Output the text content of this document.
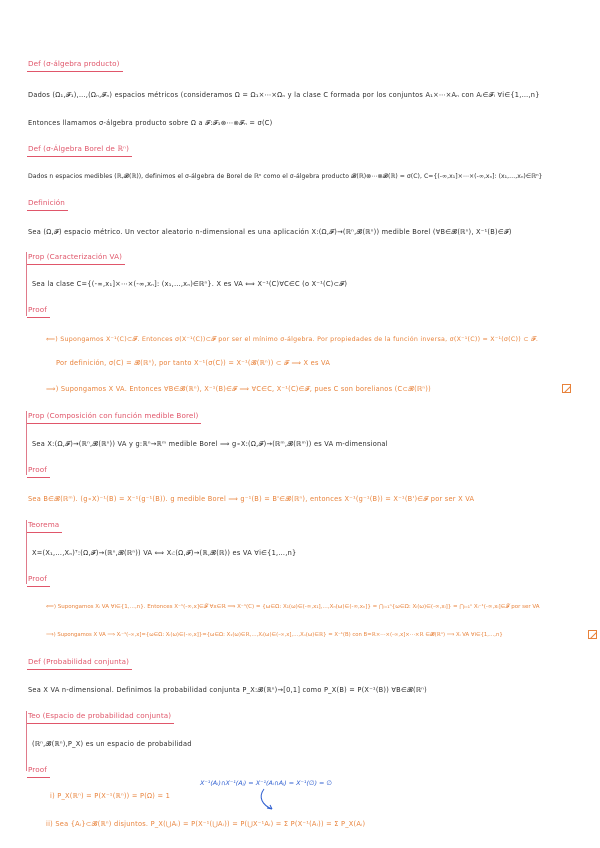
Def (σ-álgebra producto)
Dados (Ω₁,𝓕₁),…,(Ωₙ,𝓕ₙ) espacios métricos (consideramos Ω = Ω₁×⋯×Ωₙ y la clase C formada por los conjuntos A₁×⋯×Aₙ con Aᵢ∈𝓕ᵢ ∀i∈{1,…,n}
Entonces llamamos σ-álgebra producto sobre Ω a 𝓕:𝓕₁⊗⋯⊗𝓕ₙ = σ(C)
Def (σ-Álgebra Borel de ℝⁿ)
Dados n espacios medibles (ℝ,𝓑(ℝ)), definimos el σ-álgebra de Borel de ℝⁿ como el σ-álgebra producto 𝓑(ℝ)⊗⋯⊗𝓑(ℝ) = σ(C), C={(-∞,x₁]×⋯×(-∞,xₙ]: (x₁,…,xₙ)∈ℝⁿ}
Definición
Sea (Ω,𝓕) espacio métrico. Un vector aleatorio n-dimensional es una aplicación X:(Ω,𝓕)→(ℝⁿ,𝓑(ℝⁿ)) medible Borel (∀B∈𝓑(ℝⁿ), X⁻¹(B)∈𝓕)
Prop (Caracterización VA)
Sea la clase C={(-∞,x₁]×⋯×(-∞,xₙ]: (x₁,…,xₙ)∈ℝⁿ}. X es VA ⟺ X⁻¹(C)∀C∈C (o X⁻¹(C)⊂𝓕)
Proof
⟸) Supongamos X⁻¹(C)⊂𝓕. Entonces σ(X⁻¹(C))⊂𝓕 por ser el mínimo σ-álgebra. Por propiedades de la función inversa, σ(X⁻¹(C)) = X⁻¹(σ(C)) ⊂ 𝓕.
Por definición, σ(C) = 𝓑(ℝⁿ), por tanto X⁻¹(σ(C)) = X⁻¹(𝓑(ℝⁿ)) ⊂ 𝓕 ⟹ X es VA
⟹) Supongamos X VA. Entonces ∀B∈𝓑(ℝⁿ), X⁻¹(B)∈𝓕 ⟹ ∀C∈C, X⁻¹(C)∈𝓕, pues C son borelianos (C⊂𝓑(ℝⁿ))
Prop (Composición con función medible Borel)
Sea X:(Ω,𝓕)→(ℝⁿ,𝓑(ℝⁿ)) VA y g:ℝⁿ→ℝᵐ medible Borel ⟹ g∘X:(Ω,𝓕)→(ℝᵐ,𝓑(ℝᵐ)) es VA m-dimensional
Proof
Sea B∈𝓑(ℝᵐ). (g∘X)⁻¹(B) = X⁻¹(g⁻¹(B)). g medible Borel ⟹ g⁻¹(B) = B'∈𝓑(ℝⁿ), entonces X⁻¹(g⁻¹(B)) = X⁻¹(B')∈𝓕 por ser X VA
Teorema
X=(X₁,…,Xₙ)ᵀ:(Ω,𝓕)→(ℝⁿ,𝓑(ℝⁿ)) VA ⟺ Xᵢ:(Ω,𝓕)→(ℝ,𝓑(ℝ)) es VA ∀i∈{1,…,n}
Proof
⟸) Supongamos Xᵢ VA ∀i∈{1,…,n}. Entonces X⁻¹(-∞,x]∈𝓕 ∀x∈ℝ ⟹ X⁻¹(C) = {ω∈Ω: X₁(ω)∈(-∞,x₁],…,Xₙ(ω)∈(-∞,xₙ]} = ⋂ᵢ₌₁ⁿ{ω∈Ω: Xᵢ(ω)∈(-∞,xᵢ]} = ⋂ᵢ₌₁ⁿ Xᵢ⁻¹(-∞,xᵢ]∈𝓕 por ser VA
⟹) Supongamos X VA ⟹ Xᵢ⁻¹(-∞,x]={ω∈Ω: Xᵢ(ω)∈(-∞,x]}={ω∈Ω: X₁(ω)∈ℝ,…,Xᵢ(ω)∈(-∞,x],…,Xₙ(ω)∈ℝ} = X⁻¹(B) con B=ℝ×⋯×(-∞,x]×⋯×ℝ ∈𝓑(ℝⁿ) ⟹ Xᵢ VA ∀i∈{1,…,n}
Def (Probabilidad conjunta)
Sea X VA n-dimensional. Definimos la probabilidad conjunta P_X:𝓑(ℝⁿ)→[0,1] como P_X(B) = P(X⁻¹(B)) ∀B∈𝓑(ℝⁿ)
Teo (Espacio de probabilidad conjunta)
(ℝⁿ,𝓑(ℝⁿ),P_X) es un espacio de probabilidad
Proof
X⁻¹(Aᵢ)∩X⁻¹(Aⱼ) = X⁻¹(Aᵢ∩Aⱼ) = X⁻¹(∅) = ∅
i) P_X(ℝⁿ) = P(X⁻¹(ℝⁿ)) = P(Ω) = 1
ii) Sea {Aᵢ}⊂𝓑(ℝⁿ) disjuntos. P_X(⋃Aᵢ) = P(X⁻¹(⋃Aᵢ)) = P(⋃X⁻¹Aᵢ) = Σ P(X⁻¹(Aᵢ)) = Σ P_X(Aᵢ)
